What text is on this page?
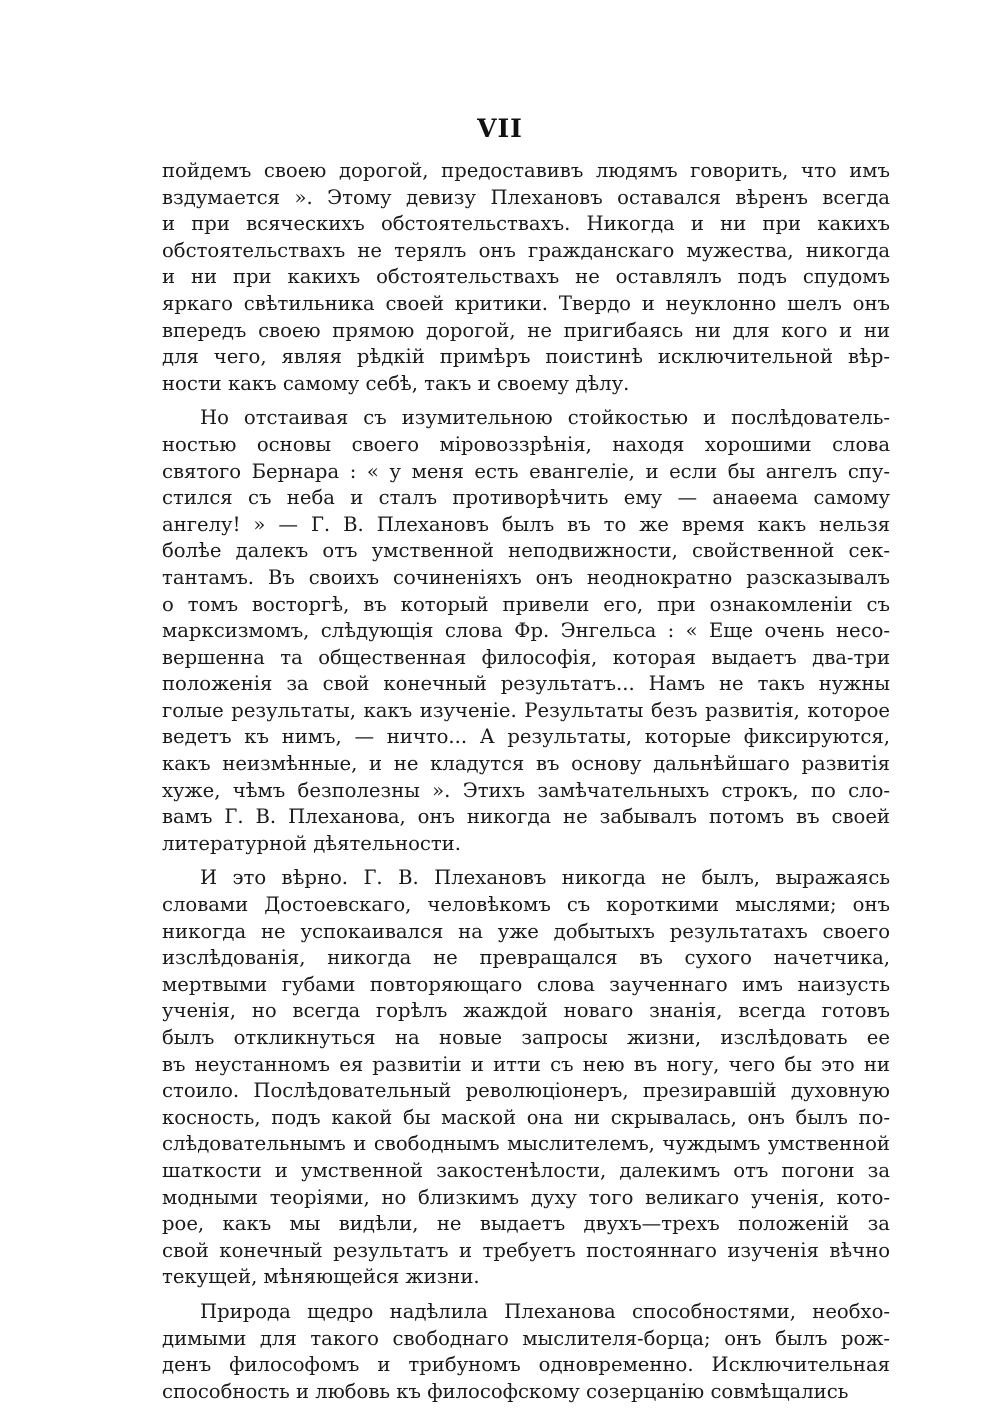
VII
пойдемъ своею дорогой, предоставивъ людямъ говорить, что имъ
вздумается ». Этому девизу Плехановъ оставался вѣренъ всегда
и при всяческихъ обстоятельствахъ. Никогда и ни при какихъ
обстоятельствахъ не терялъ онъ гражданскаго мужества, никогда
и ни при какихъ обстоятельствахъ не оставлялъ подъ спудомъ
яркаго свѣтильника своей критики. Твердо и неуклонно шелъ онъ
впередъ своею прямою дорогой, не пригибаясь ни для кого и ни
для чего, являя рѣдкій примѣръ поистинѣ исключительной вѣр-
ности какъ самому себѣ, такъ и своему дѣлу.
Но отстаивая съ изумительною стойкостью и послѣдователь-
ностью основы своего міровоззрѣнія, находя хорошими слова
святого Бернара : « у меня есть евангеліе, и если бы ангелъ спу-
стился съ неба и сталъ противорѣчить ему — анаѳема самому
ангелу! » — Г. В. Плехановъ былъ въ то же время какъ нельзя
болѣе далекъ отъ умственной неподвижности, свойственной сек-
тантамъ. Въ своихъ сочиненіяхъ онъ неоднократно разсказывалъ
о томъ восторгѣ, въ который привели его, при ознакомленіи съ
марксизмомъ, слѣдующія слова Фр. Энгельса : « Еще очень несо-
вершенна та общественная философія, которая выдаетъ два-три
положенія за свой конечный результатъ... Намъ не такъ нужны
голые результаты, какъ изученіе. Результаты безъ развитія, которое
ведетъ къ нимъ, — ничто... А результаты, которые фиксируются,
какъ неизмѣнные, и не кладутся въ основу дальнѣйшаго развитія
хуже, чѣмъ безполезны ». Этихъ замѣчательныхъ строкъ, по сло-
вамъ Г. В. Плеханова, онъ никогда не забывалъ потомъ въ своей
литературной дѣятельности.
И это вѣрно. Г. В. Плехановъ никогда не былъ, выражаясь
словами Достоевскаго, человѣкомъ съ короткими мыслями; онъ
никогда не успокаивался на уже добытыхъ результатахъ своего
изслѣдованія, никогда не превращался въ сухого начетчика,
мертвыми губами повторяющаго слова заученнаго имъ наизусть
ученія, но всегда горѣлъ жаждой новаго знанія, всегда готовъ
былъ откликнуться на новые запросы жизни, изслѣдовать ее
въ неустанномъ ея развитіи и итти съ нею въ ногу, чего бы это ни
стоило. Послѣдовательный революціонеръ, презиравшій духовную
косность, подъ какой бы маской она ни скрывалась, онъ былъ по-
слѣдовательнымъ и свободнымъ мыслителемъ, чуждымъ умственной
шаткости и умственной закостенѣлости, далекимъ отъ погони за
модными теоріями, но близкимъ духу того великаго ученія, кото-
рое, какъ мы видѣли, не выдаетъ двухъ—трехъ положеній за
свой конечный результатъ и требуетъ постояннаго изученія вѣчно
текущей, мѣняющейся жизни.
Природа щедро надѣлила Плеханова способностями, необхо-
димыми для такого свободнаго мыслителя-борца; онъ былъ рож-
денъ философомъ и трибуномъ одновременно. Исключительная
способность и любовь къ философскому созерцанію совмѣщались
